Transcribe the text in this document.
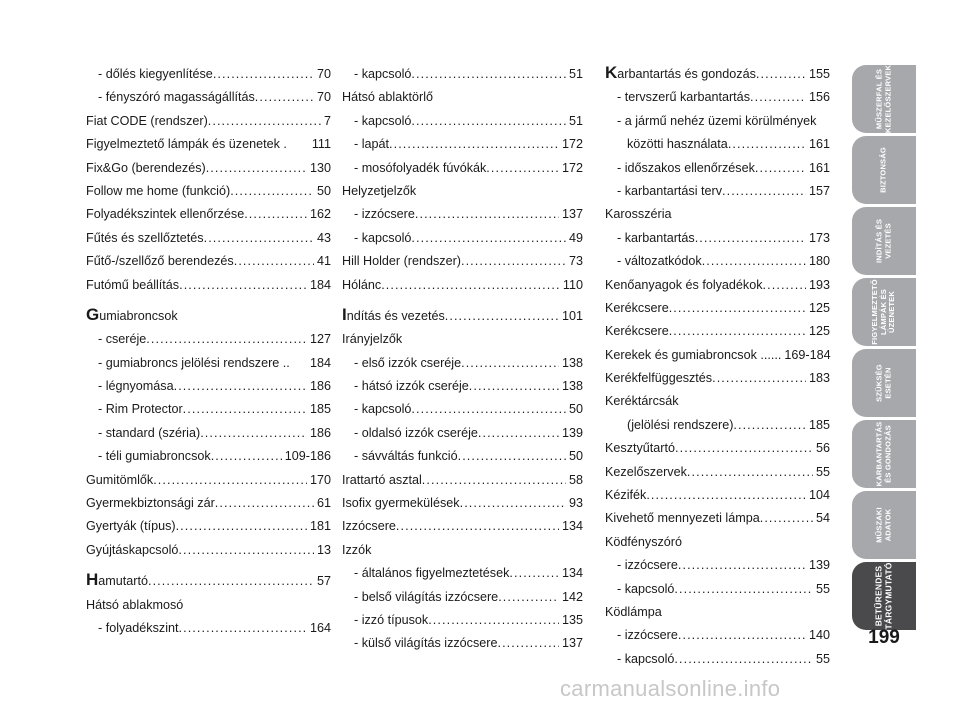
- dőlés kiegyenlítése .....	70
- fényszóró magasságállítás .....	70
Fiat CODE (rendszer) .....	7
Figyelmeztető lámpák és üzenetek . 111
Fix&Go (berendezés) .....	130
Follow me home (funkció) .....	50
Folyadékszintek ellenőrzése .....	162
Fűtés és szellőztetés .....	43
Fűtő-/szellőző berendezés .....	41
Futómű beállítás .....	184
Gumiabroncsok
- cseréje .....	127
- gumiabroncs jelölési rendszere .. 184
- légnyomása .....	186
- Rim Protector .....	185
- standard (széria) .....	186
- téli gumiabroncsok .....	109-186
Gumitömlők .....	170
Gyermekbiztonsági zár .....	61
Gyertyák (típus) .....	181
Gyújtáskapcsoló .....	13
Hamutartó .....	57
Hátsó ablakmosó
- folyadékszint .....	164
- kapcsoló .....	51
Hátsó ablaktörlő
- kapcsoló .....	51
- lapát .....	172
- mosófolyadék fúvókák .....	172
Helyzetjelzők
- izzócsere .....	137
- kapcsoló .....	49
Hill Holder (rendszer) .....	73
Hólánc .....	110
Indítás és vezetés .....	101
Irányjelzők
- első izzók cseréje .....	138
- hátsó izzók cseréje .....	138
- kapcsoló .....	50
- oldalsó izzók cseréje .....	139
- sávváltás funkció .....	50
Irattartó asztal .....	58
Isofix gyermekülések .....	93
Izzócsere .....	134
Izzók
- általános figyelmeztetések .....	134
- belső világítás izzócsere .....	142
- izzó típusok .....	135
- külső világítás izzócsere .....	137
Karbantartás és gondozás .....	155
- tervszerű karbantartás .....	156
- a jármű nehéz üzemi körülmények
közötti használata .....	161
- időszakos ellenőrzések .....	161
- karbantartási terv .....	157
Karosszéria
- karbantartás .....	173
- változatkódok .....	180
Kenőanyagok és folyadékok .....	193
Kerékcsere .....	125
Kerékcsere .....	125
Kerekek és gumiabroncsok ...... 169-184
Kerékfelfüggesztés .....	183
Keréktárcsák
(jelölési rendszere) .....	185
Kesztyűtartó .....	56
Kezelőszervek .....	55
Kézifék .....	104
Kivehető mennyezeti lámpa .....	54
Ködfényszóró
- izzócsere .....	139
- kapcsoló .....	55
Ködlámpa
- izzócsere .....	140
- kapcsoló .....	55
MŰSZERFAL ÉS
KEZELŐSZERVEK
BIZTONSÁG
INDÍTÁS ÉS
VEZETÉS
FIGYELMEZTETŐ
LÁMPÁK ÉS
ÜZENETEK
SZÜKSÉG
ESETÉN
KARBANTARTÁS
ÉS GONDOZÁS
MŰSZAKI
ADATOK
BETŰRENDES
TÁRGYMUTATÓ
199
carmanualsonline.info
